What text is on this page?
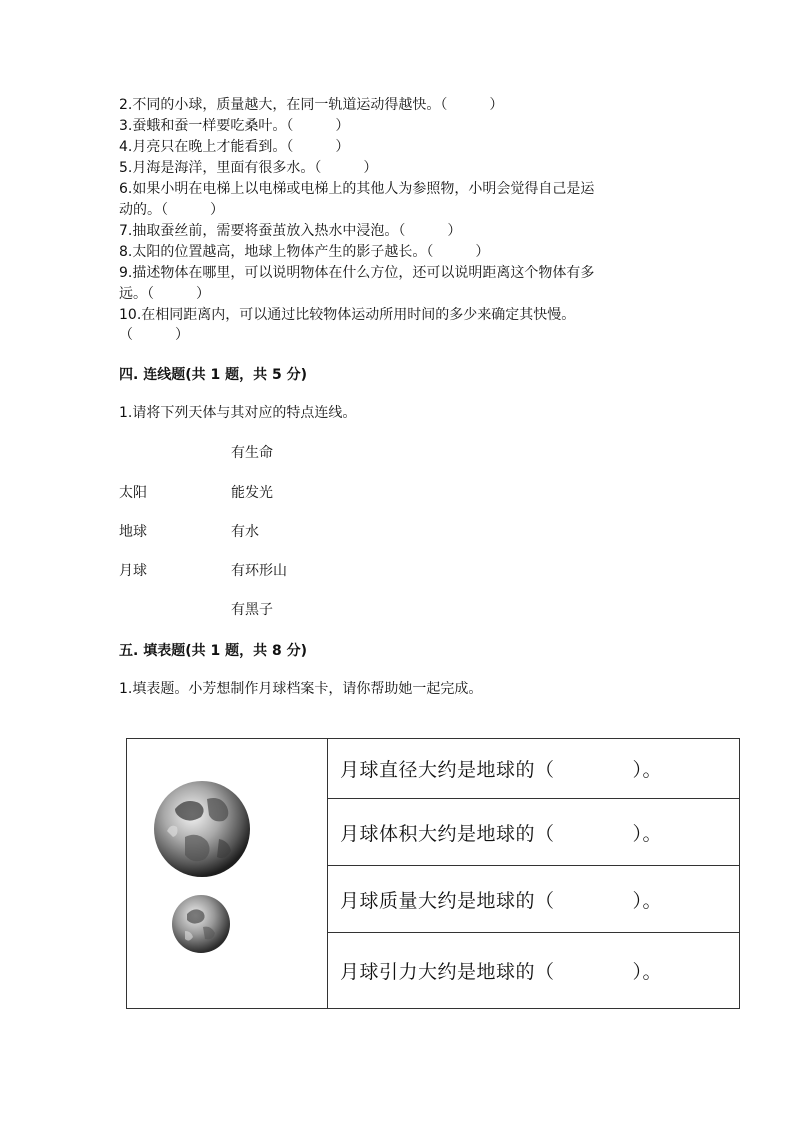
2.不同的小球，质量越大，在同一轨道运动得越快。（　　　）
3.蚕蛾和蚕一样要吃桑叶。（　　　）
4.月亮只在晚上才能看到。（　　　）
5.月海是海洋，里面有很多水。（　　　）
6.如果小明在电梯上以电梯或电梯上的其他人为参照物，小明会觉得自己是运
动的。（　　　）
7.抽取蚕丝前，需要将蚕茧放入热水中浸泡。（　　　）
8.太阳的位置越高，地球上物体产生的影子越长。（　　　）
9.描述物体在哪里，可以说明物体在什么方位，还可以说明距离这个物体有多
远。（　　　）
10.在相同距离内，可以通过比较物体运动所用时间的多少来确定其快慢。
（　　　）
四. 连线题(共 1 题，共 5 分)
1.请将下列天体与其对应的特点连线。
有生命
太阳	能发光
地球	有水
月球	有环形山
有黑子
五. 填表题(共 1 题，共 8 分)
1.填表题。小芳想制作月球档案卡，请你帮助她一起完成。
月球直径大约是地球的（　　　　）。
月球体积大约是地球的（　　　　）。
月球质量大约是地球的（　　　　）。
月球引力大约是地球的（　　　　）。
